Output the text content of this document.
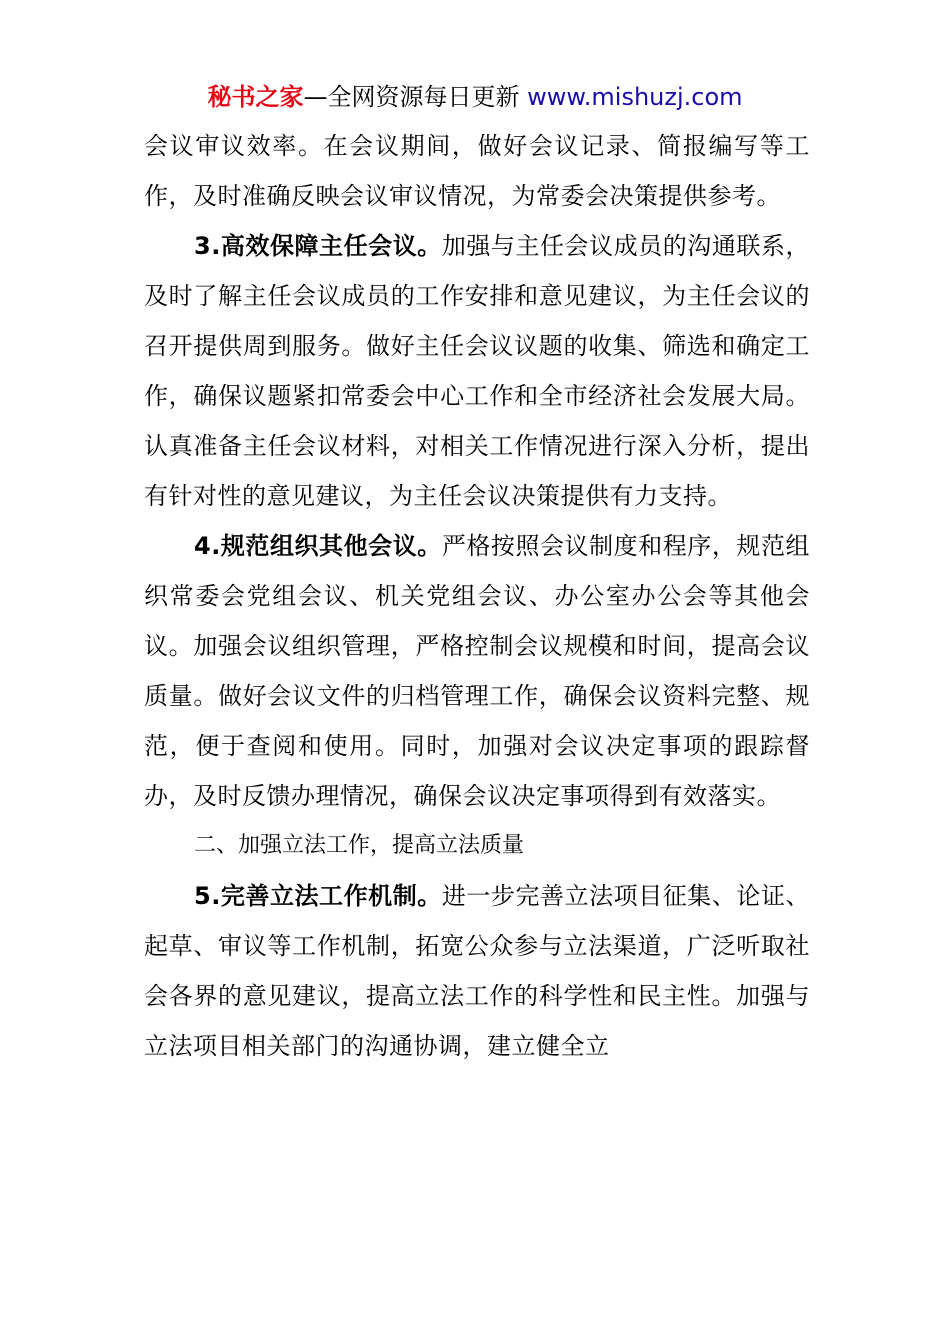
秘书之家—全网资源每日更新 www.mishuzj.com

会议审议效率。在会议期间，做好会议记录、简报编写等工作，及时准确反映会议审议情况，为常委会决策提供参考。

3.高效保障主任会议。加强与主任会议成员的沟通联系，及时了解主任会议成员的工作安排和意见建议，为主任会议的召开提供周到服务。做好主任会议议题的收集、筛选和确定工作，确保议题紧扣常委会中心工作和全市经济社会发展大局。认真准备主任会议材料，对相关工作情况进行深入分析，提出有针对性的意见建议，为主任会议决策提供有力支持。

4.规范组织其他会议。严格按照会议制度和程序，规范组织常委会党组会议、机关党组会议、办公室办公会等其他会议。加强会议组织管理，严格控制会议规模和时间，提高会议质量。做好会议文件的归档管理工作，确保会议资料完整、规范，便于查阅和使用。同时，加强对会议决定事项的跟踪督办，及时反馈办理情况，确保会议决定事项得到有效落实。

二、加强立法工作，提高立法质量

5.完善立法工作机制。进一步完善立法项目征集、论证、起草、审议等工作机制，拓宽公众参与立法渠道，广泛听取社会各界的意见建议，提高立法工作的科学性和民主性。加强与立法项目相关部门的沟通协调，建立健全立
